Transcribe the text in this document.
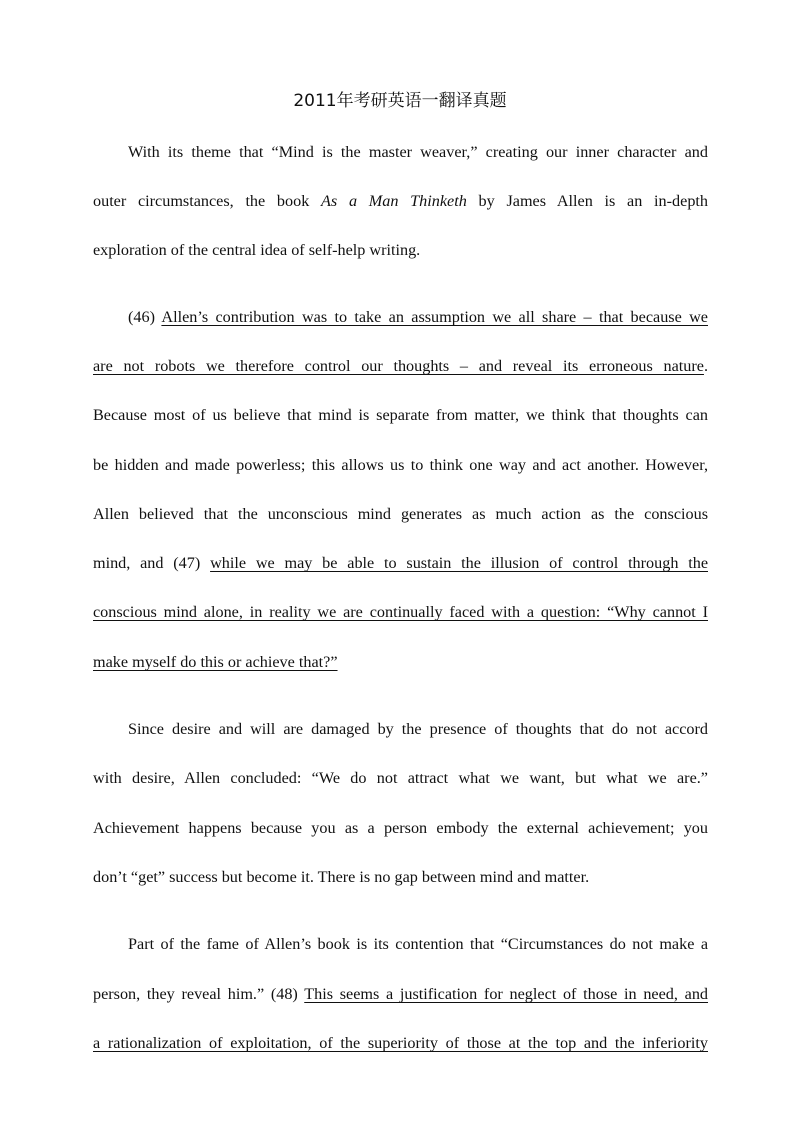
2011年考研英语一翻译真题
With its theme that “Mind is the master weaver,” creating our inner character and
outer circumstances, the book As a Man Thinketh by James Allen is an in-depth
exploration of the central idea of self-help writing.
(46) Allen’s contribution was to take an assumption we all share – that because we
are not robots we therefore control our thoughts – and reveal its erroneous nature.
Because most of us believe that mind is separate from matter, we think that thoughts can
be hidden and made powerless; this allows us to think one way and act another. However,
Allen believed that the unconscious mind generates as much action as the conscious
mind, and (47) while we may be able to sustain the illusion of control through the
conscious mind alone, in reality we are continually faced with a question: “Why cannot I
make myself do this or achieve that?”
Since desire and will are damaged by the presence of thoughts that do not accord
with desire, Allen concluded: “We do not attract what we want, but what we are.”
Achievement happens because you as a person embody the external achievement; you
don’t “get” success but become it. There is no gap between mind and matter.
Part of the fame of Allen’s book is its contention that “Circumstances do not make a
person, they reveal him.” (48) This seems a justification for neglect of those in need, and
a rationalization of exploitation, of the superiority of those at the top and the inferiority
